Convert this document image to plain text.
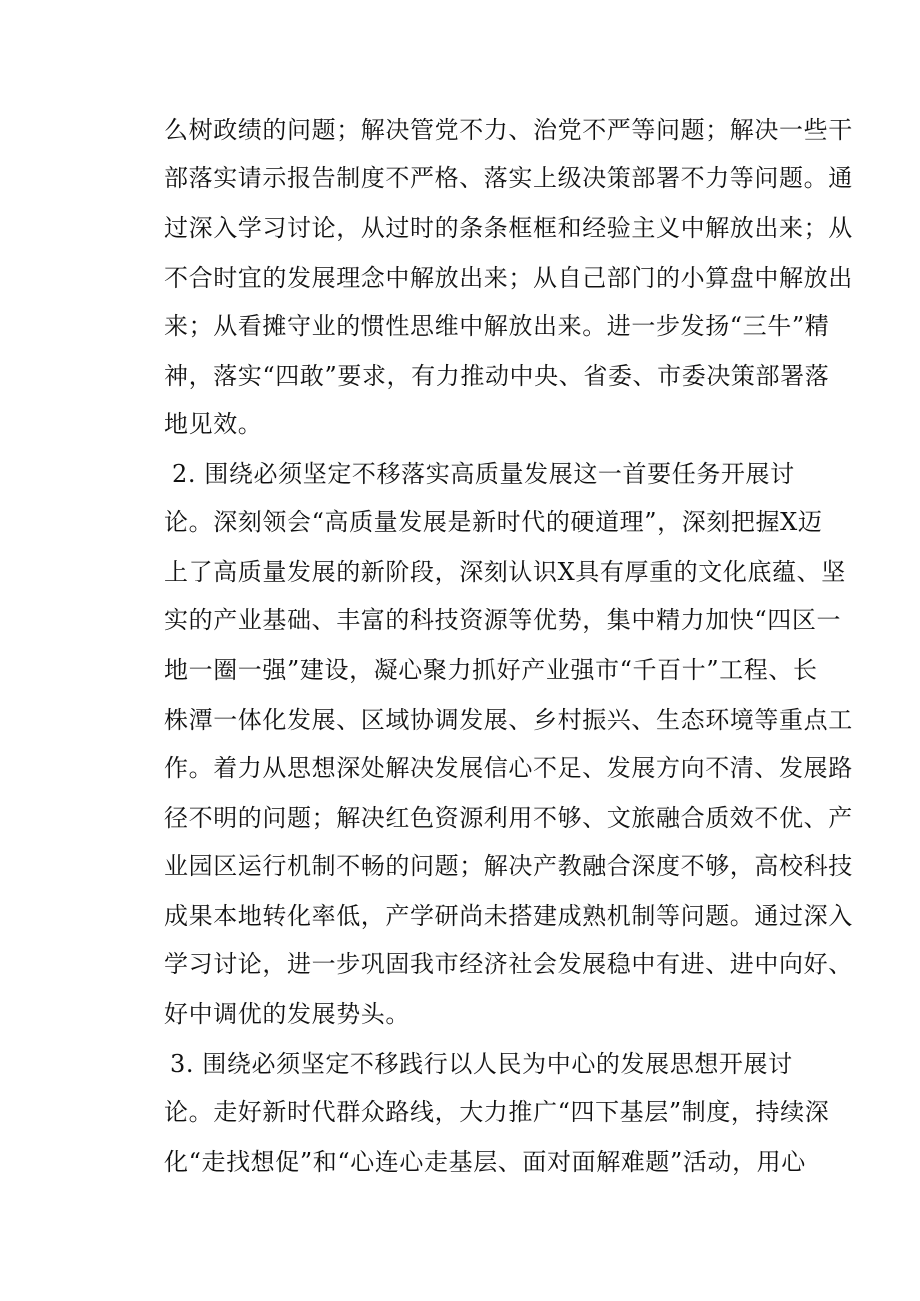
么树政绩的问题；解决管党不力、治党不严等问题；解决一些干
部落实请示报告制度不严格、落实上级决策部署不力等问题。通
过深入学习讨论，从过时的条条框框和经验主义中解放出来；从
不合时宜的发展理念中解放出来；从自己部门的小算盘中解放出
来；从看摊守业的惯性思维中解放出来。进一步发扬“三牛”精
神，落实“四敢”要求，有力推动中央、省委、市委决策部署落
地见效。
2. 围绕必须坚定不移落实高质量发展这一首要任务开展讨
论。深刻领会“高质量发展是新时代的硬道理”，深刻把握X迈
上了高质量发展的新阶段，深刻认识X具有厚重的文化底蕴、坚
实的产业基础、丰富的科技资源等优势，集中精力加快“四区一
地一圈一强”建设，凝心聚力抓好产业强市“千百十”工程、长
株潭一体化发展、区域协调发展、乡村振兴、生态环境等重点工
作。着力从思想深处解决发展信心不足、发展方向不清、发展路
径不明的问题；解决红色资源利用不够、文旅融合质效不优、产
业园区运行机制不畅的问题；解决产教融合深度不够，高校科技
成果本地转化率低，产学研尚未搭建成熟机制等问题。通过深入
学习讨论，进一步巩固我市经济社会发展稳中有进、进中向好、
好中调优的发展势头。
3. 围绕必须坚定不移践行以人民为中心的发展思想开展讨
论。走好新时代群众路线，大力推广“四下基层”制度，持续深
化“走找想促”和“心连心走基层、面对面解难题”活动，用心
